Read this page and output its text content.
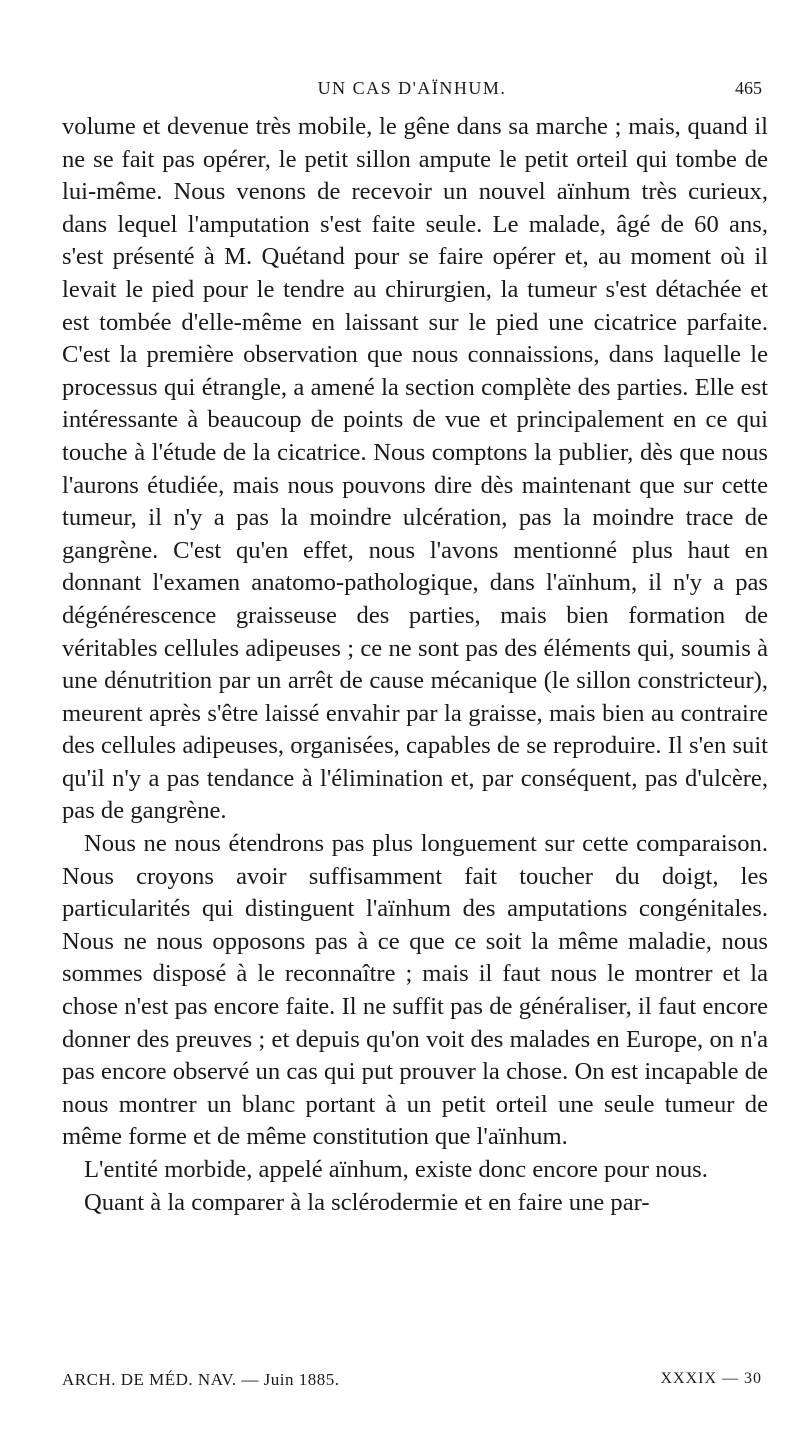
UN CAS D'AÏNHUM.	465

volume et devenue très mobile, le gêne dans sa marche ; mais, quand il ne se fait pas opérer, le petit sillon ampute le petit orteil qui tombe de lui-même. Nous venons de recevoir un nouvel aïnhum très curieux, dans lequel l'amputation s'est faite seule. Le malade, âgé de 60 ans, s'est présenté à M. Quétand pour se faire opérer et, au moment où il levait le pied pour le tendre au chirurgien, la tumeur s'est détachée et est tombée d'elle-même en laissant sur le pied une cicatrice parfaite. C'est la première observation que nous connaissions, dans laquelle le processus qui étrangle, a amené la section complète des parties. Elle est intéressante à beaucoup de points de vue et principalement en ce qui touche à l'étude de la cicatrice. Nous comptons la publier, dès que nous l'aurons étudiée, mais nous pouvons dire dès maintenant que sur cette tumeur, il n'y a pas la moindre ulcération, pas la moindre trace de gangrène. C'est qu'en effet, nous l'avons mentionné plus haut en donnant l'examen anatomo-pathologique, dans l'aïnhum, il n'y a pas dégénérescence graisseuse des parties, mais bien formation de véritables cellules adipeuses ; ce ne sont pas des éléments qui, soumis à une dénutrition par un arrêt de cause mécanique (le sillon constricteur), meurent après s'être laissé envahir par la graisse, mais bien au contraire des cellules adipeuses, organisées, capables de se reproduire. Il s'en suit qu'il n'y a pas tendance à l'élimination et, par conséquent, pas d'ulcère, pas de gangrène.

Nous ne nous étendrons pas plus longuement sur cette comparaison. Nous croyons avoir suffisamment fait toucher du doigt, les particularités qui distinguent l'aïnhum des amputations congénitales. Nous ne nous opposons pas à ce que ce soit la même maladie, nous sommes disposé à le reconnaître ; mais il faut nous le montrer et la chose n'est pas encore faite. Il ne suffit pas de généraliser, il faut encore donner des preuves ; et depuis qu'on voit des malades en Europe, on n'a pas encore observé un cas qui put prouver la chose. On est incapable de nous montrer un blanc portant à un petit orteil une seule tumeur de même forme et de même constitution que l'aïnhum.

L'entité morbide, appelé aïnhum, existe donc encore pour nous.

Quant à la comparer à la sclérodermie et en faire une par-

ARCH. DE MÉD. NAV. — Juin 1885.	XXXIX — 30
